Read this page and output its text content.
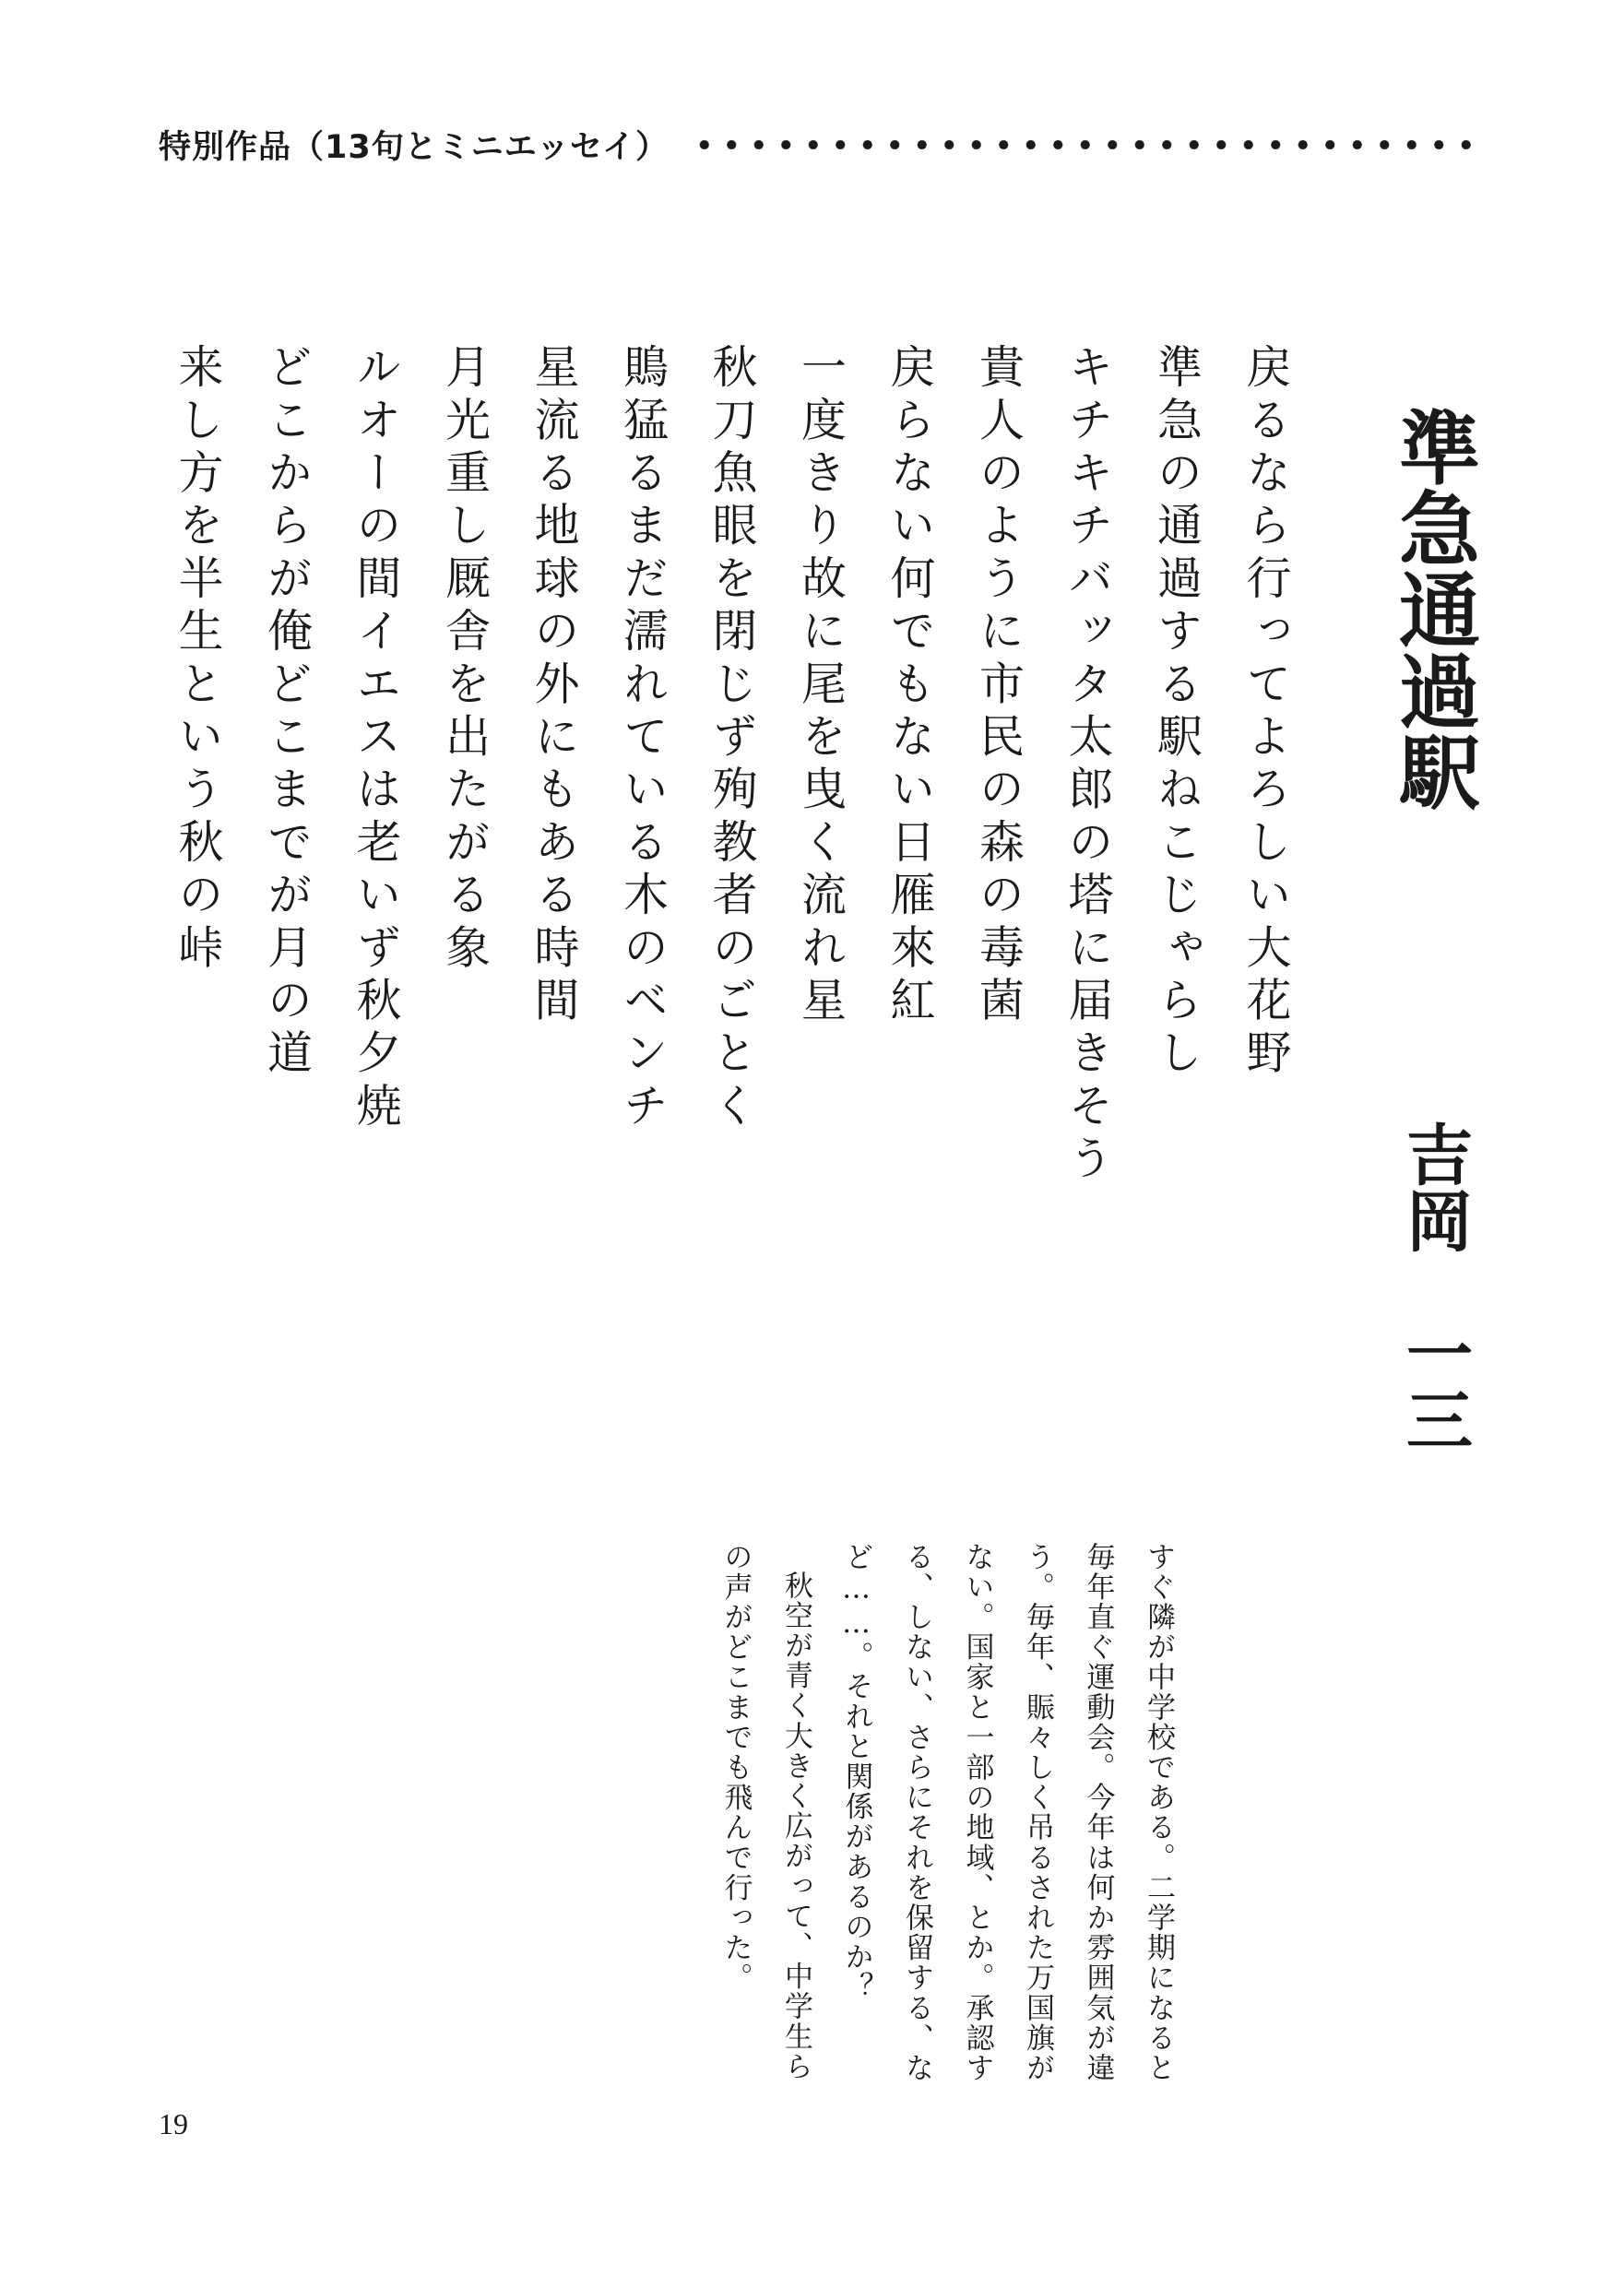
特別作品（13句とミニエッセイ）
準急通過駅
吉岡　一三
戻るなら行ってよろしい大花野
準急の通過する駅ねこじゃらし
キチキチバッタ太郎の塔に届きそう
貴人のように市民の森の毒菌
戻らない何でもない日雁來紅
一度きり故に尾を曳く流れ星
秋刀魚眼を閉じず殉教者のごとく
鵙猛るまだ濡れている木のベンチ
星流る地球の外にもある時間
月光重し厩舎を出たがる象
ルオーの間イエスは老いず秋夕焼
どこからが俺どこまでが月の道
来し方を半生という秋の峠
すぐ隣が中学校である。二学期になると毎年直ぐ運動会。今年は何か雰囲気が違う。毎年、賑々しく吊るされた万国旗がない。国家と一部の地域、とか。承認する、しない、さらにそれを保留する、など……。それと関係があるのか？
秋空が青く大きく広がって、中学生らの声がどこまでも飛んで行った。
19
